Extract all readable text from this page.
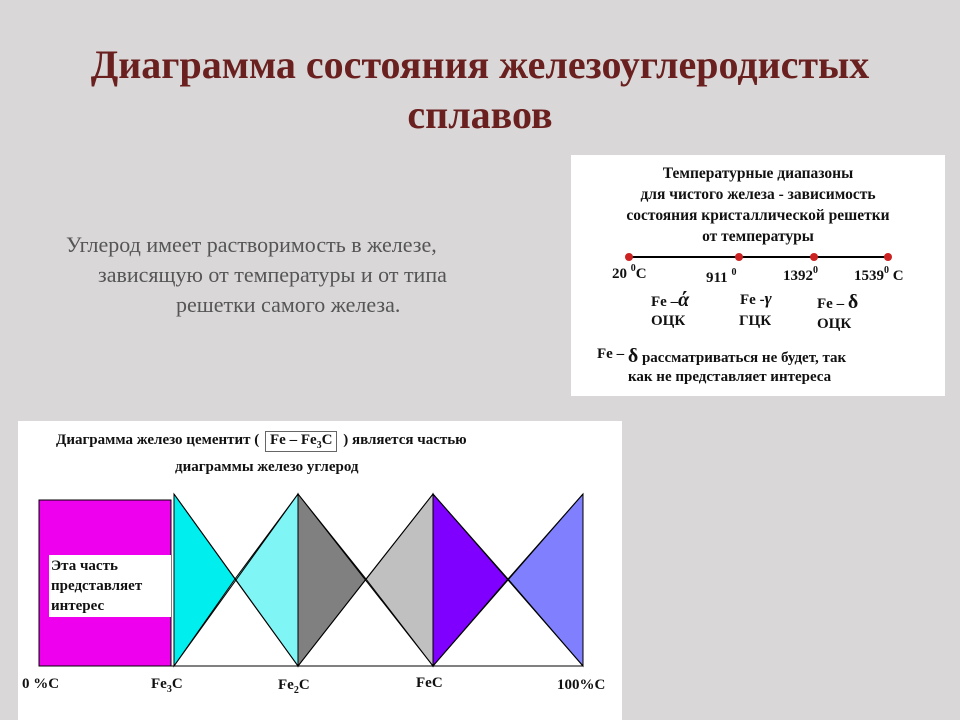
Диаграмма состояния железоуглеродистых
сплавов
Углерод имеет растворимость в железе,
зависящую от температуры и от типа
решетки самого железа.
Температурные диапазоны
для чистого железа - зависимость
состояния кристаллической решетки
от температуры
20 $^0$C	911 $^0$	1392$^0$ 1539$^0$ C
Fe –ά	Fe -γ	Fe – δ
ОЦК	ГЦК	ОЦК
Fe – δ рассматриваться не будет, так
как не представляет интереса
Диаграмма железо цементит ( Fe – $Fe_3C$ ) является частью
диаграммы железо углерод
Эта часть
представляет
интерес
0 %C	$Fe_3C$	$Fe_2C$	FeC	100%C
